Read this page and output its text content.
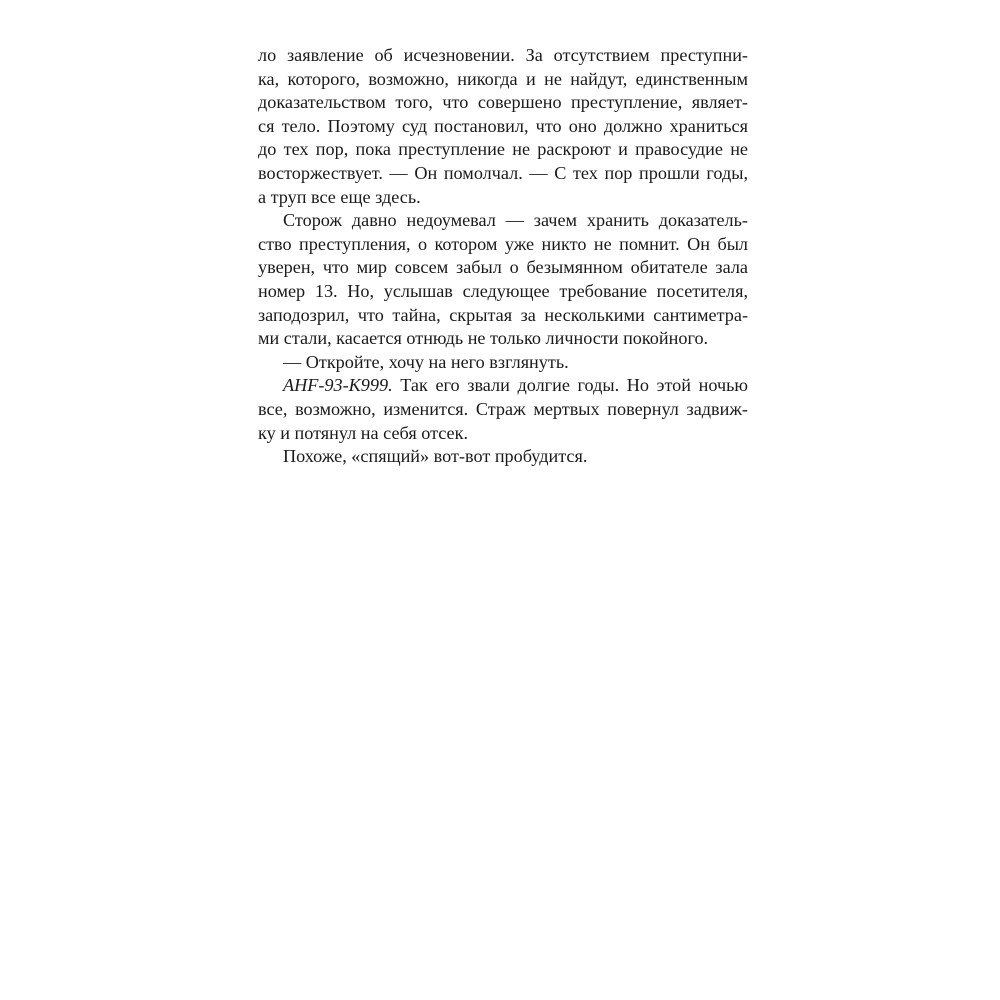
ло заявление об исчезновении. За отсутствием преступни-
ка, которого, возможно, никогда и не найдут, единственным
доказательством того, что совершено преступление, являет-
ся тело. Поэтому суд постановил, что оно должно храниться
до тех пор, пока преступление не раскроют и правосудие не
восторжествует. — Он помолчал. — С тех пор прошли годы,
а труп все еще здесь.

Сторож давно недоумевал — зачем хранить доказатель-
ство преступления, о котором уже никто не помнит. Он был
уверен, что мир совсем забыл о безымянном обитателе зала
номер 13. Но, услышав следующее требование посетителя,
заподозрил, что тайна, скрытая за несколькими сантиметра-
ми стали, касается отнюдь не только личности покойного.

— Откройте, хочу на него взглянуть.

АНF-93-K999. Так его звали долгие годы. Но этой ночью
все, возможно, изменится. Страж мертвых повернул задвиж-
ку и потянул на себя отсек.

Похоже, «спящий» вот-вот пробудится.
